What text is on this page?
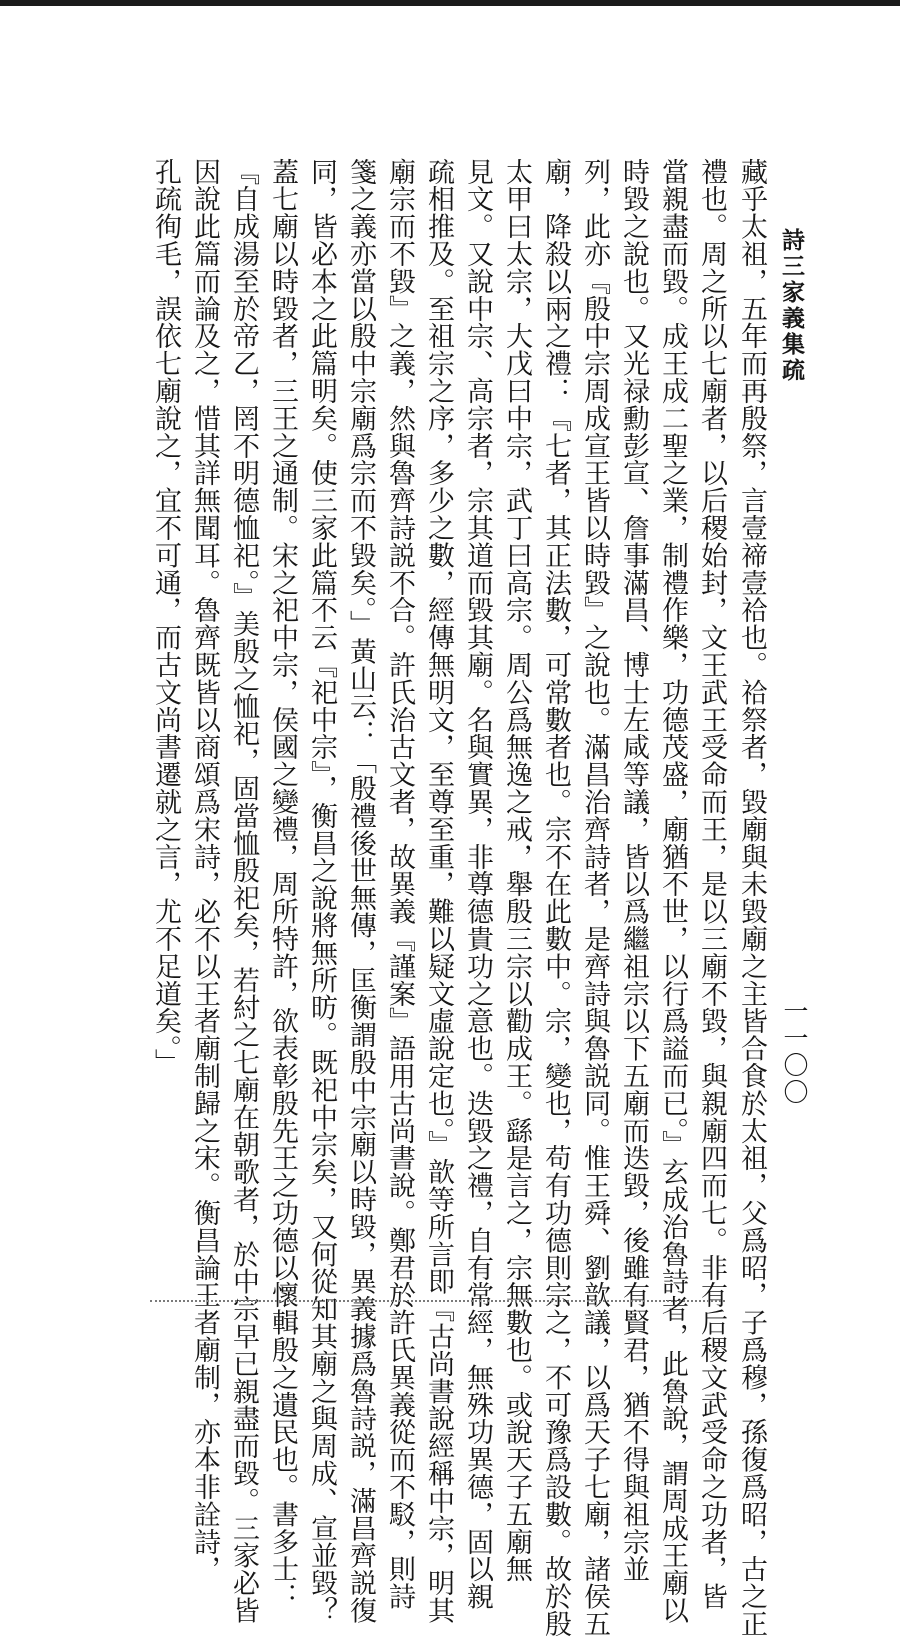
詩三家義集疏
一一〇〇
藏乎太祖，五年而再殷祭，言壹禘壹祫也。祫祭者，毀廟與未毀廟之主皆合食於太祖，父爲昭，子爲穆，孫復爲昭，古之正
禮也。周之所以七廟者，以后稷始封，文王武王受命而王，是以三廟不毀，與親廟四而七。非有后稷文武受命之功者，皆
當親盡而毀。成王成二聖之業，制禮作樂，功德茂盛，廟猶不世，以行爲謚而已。』玄成治魯詩者，此魯說，謂周成王廟以
時毀之說也。又光禄勳彭宣、詹事滿昌、博士左咸等議，皆以爲繼祖宗以下五廟而迭毀，後雖有賢君，猶不得與祖宗並
列，此亦『殷中宗周成宣王皆以時毀』之說也。滿昌治齊詩者，是齊詩與魯説同。惟王舜、劉歆議，以爲天子七廟，諸侯五
廟，降殺以兩之禮：『七者，其正法數，可常數者也。宗不在此數中。宗，變也，苟有功德則宗之，不可豫爲設數。故於殷
太甲曰太宗，大戊曰中宗，武丁曰高宗。周公爲無逸之戒，舉殷三宗以勸成王。繇是言之，宗無數也。或說天子五廟無
見文。又說中宗、高宗者，宗其道而毀其廟。名與實異，非尊德貴功之意也。迭毀之禮，自有常經，無殊功異德，固以親
疏相推及。至祖宗之序，多少之數，經傳無明文，至尊至重，難以疑文虛說定也。』歆等所言即『古尚書說經稱中宗，明其
廟宗而不毀』之義，然與魯齊詩説不合。許氏治古文者，故異義『謹案』語用古尚書說。鄭君於許氏異義從而不駁，則詩
箋之義亦當以殷中宗廟爲宗而不毀矣。」黃山云：「殷禮後世無傳，匡衡謂殷中宗廟以時毀，異義據爲魯詩説，滿昌齊説復
同，皆必本之此篇明矣。使三家此篇不云『祀中宗』，衡昌之說將無所昉。既祀中宗矣，又何從知其廟之與周成、宣並毀？
蓋七廟以時毀者，三王之通制。宋之祀中宗，侯國之變禮，周所特許，欲表彰殷先王之功德以懷輯殷之遺民也。書多士：
『自成湯至於帝乙，罔不明德恤祀。』美殷之恤祀，固當恤殷祀矣，若紂之七廟在朝歌者，於中宗早已親盡而毀。三家必皆
因說此篇而論及之，惜其詳無聞耳。魯齊既皆以商頌爲宋詩，必不以王者廟制歸之宋。衡昌論王者廟制，亦本非詮詩，
孔疏徇毛，誤依七廟說之，宜不可通，而古文尚書遷就之言，尤不足道矣。」
